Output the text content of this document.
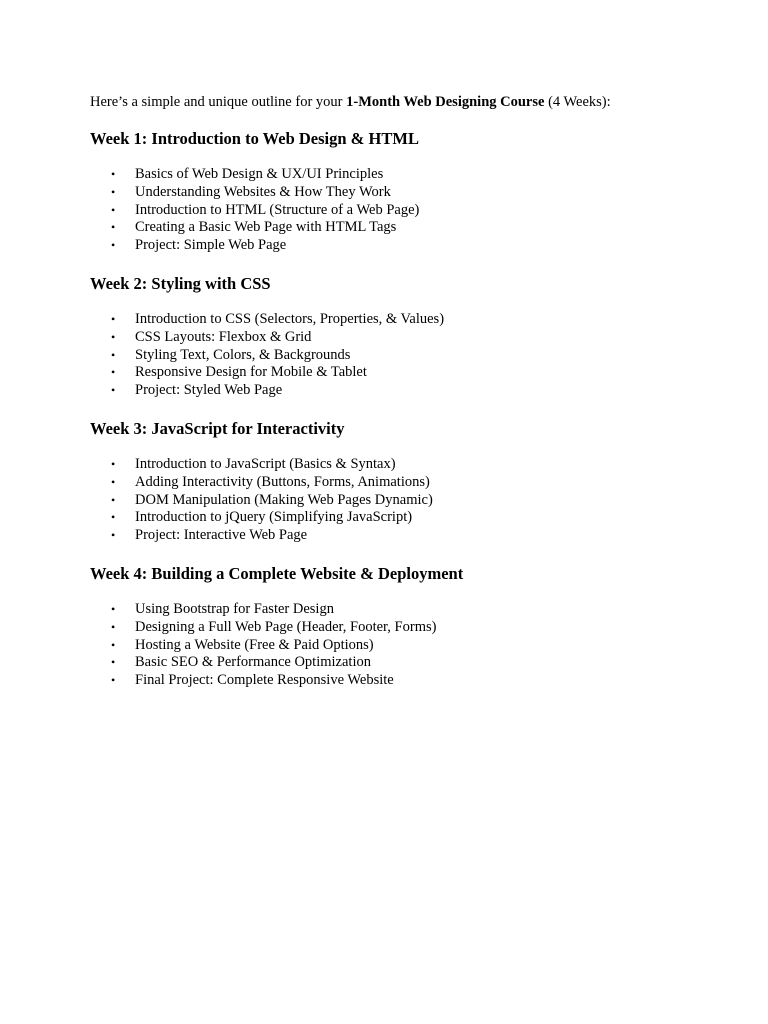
Here’s a simple and unique outline for your 1-Month Web Designing Course (4 Weeks):

Week 1: Introduction to Web Design & HTML
• Basics of Web Design & UX/UI Principles
• Understanding Websites & How They Work
• Introduction to HTML (Structure of a Web Page)
• Creating a Basic Web Page with HTML Tags
• Project: Simple Web Page
Week 2: Styling with CSS
• Introduction to CSS (Selectors, Properties, & Values)
• CSS Layouts: Flexbox & Grid
• Styling Text, Colors, & Backgrounds
• Responsive Design for Mobile & Tablet
• Project: Styled Web Page
Week 3: JavaScript for Interactivity
• Introduction to JavaScript (Basics & Syntax)
• Adding Interactivity (Buttons, Forms, Animations)
• DOM Manipulation (Making Web Pages Dynamic)
• Introduction to jQuery (Simplifying JavaScript)
• Project: Interactive Web Page
Week 4: Building a Complete Website & Deployment
• Using Bootstrap for Faster Design
• Designing a Full Web Page (Header, Footer, Forms)
• Hosting a Website (Free & Paid Options)
• Basic SEO & Performance Optimization
• Final Project: Complete Responsive Website
